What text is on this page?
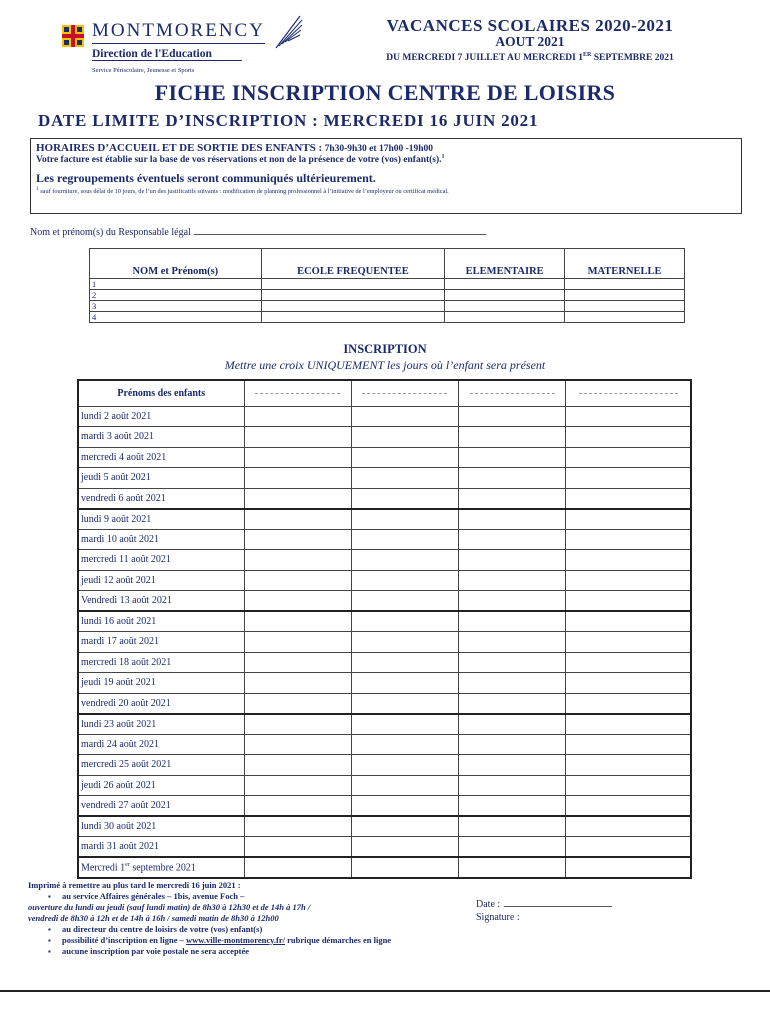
MONTMORENCY
Direction de l'Education
Service Périscolaire, Jeunesse et Sports
VACANCES SCOLAIRES 2020-2021
AOUT 2021
DU MERCREDI 7 JUILLET AU MERCREDI 1ER SEPTEMBRE 2021
FICHE INSCRIPTION CENTRE DE LOISIRS
DATE LIMITE D’INSCRIPTION : MERCREDI 16 JUIN 2021
HORAIRES D’ACCUEIL ET DE SORTIE DES ENFANTS : 7h30-9h30 et 17h00 -19h00
Votre facture est établie sur la base de vos réservations et non de la présence de votre (vos) enfant(s).$^1$
Les regroupements éventuels seront communiqués ultérieurement.
$^1$ sauf fourniture, sous délai de 10 jours, de l’un des justificatifs suivants : modification de planning professionnel à l’initiative de l’employeur ou certificat médical.
Nom et prénom(s) du Responsable légal
NOM et Prénom(s)	ECOLE FREQUENTEE	ELEMENTAIRE	MATERNELLE
1			
2			
3			
4			
INSCRIPTION
Mettre une croix UNIQUEMENT les jours où l’enfant sera présent
Prénoms des enfants	

lundi 2 août 2021				
mardi 3 août 2021				
mercredi 4 août 2021				
jeudi 5 août 2021				
vendredi 6 août 2021				
lundi 9 août 2021				
mardi 10 août 2021				
mercredi 11 août 2021				
jeudi 12 août 2021				
Vendredi 13 août 2021				
lundi 16 août 2021				
mardi 17 août 2021				
mercredi 18 août 2021				
jeudi 19 août 2021				
vendredi 20 août 2021				
lundi 23 août 2021				
mardi 24 août 2021				
mercredi 25 août 2021				
jeudi 26 août 2021				
vendredi 27 août 2021				
lundi 30 août 2021				
mardi 31 août 2021				
Mercredi 1er septembre 2021				
Imprimé à remettre au plus tard le mercredi 16 juin 2021 :
▪ au service Affaires générales – 1bis, avenue Foch –
ouverture du lundi au jeudi (sauf lundi matin) de 8h30 à 12h30 et de 14h à 17h /
vendredi de 8h30 à 12h et de 14h à 16h / samedi matin de 8h30 à 12h00
▪ au directeur du centre de loisirs de votre (vos) enfant(s)
▪ possibilité d’inscription en ligne – www.ville-montmorency.fr/ rubrique démarches en ligne
▪ aucune inscription par voie postale ne sera acceptée
Date :
Signature :
